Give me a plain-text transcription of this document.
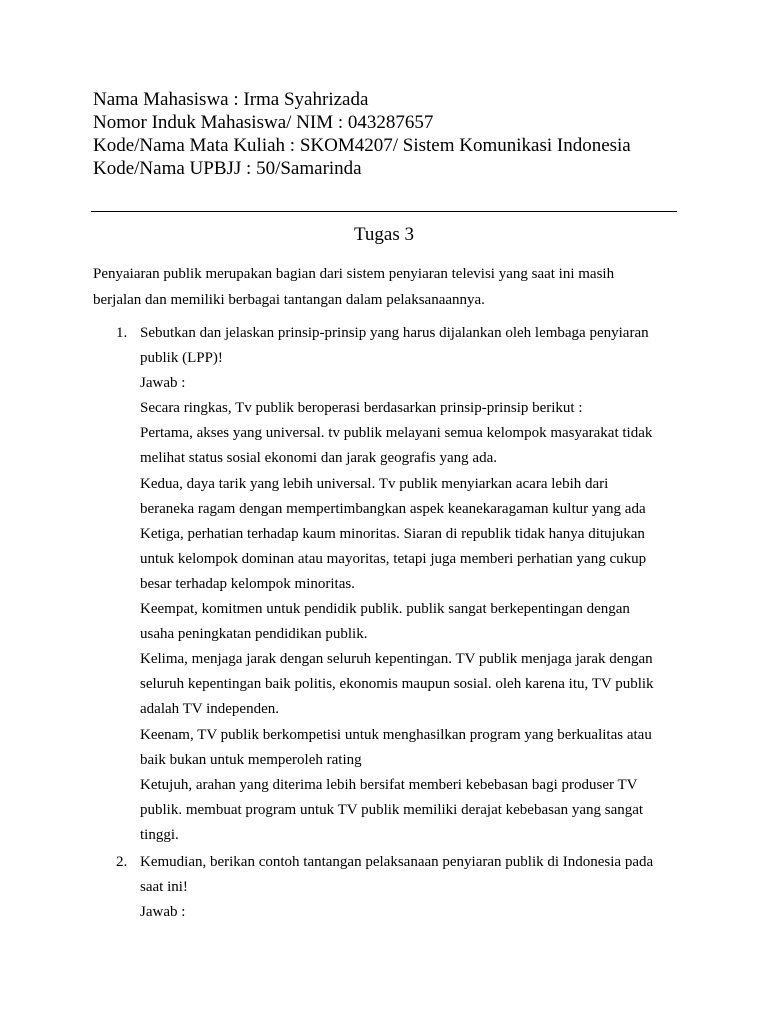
Nama Mahasiswa : Irma Syahrizada
Nomor Induk Mahasiswa/ NIM : 043287657
Kode/Nama Mata Kuliah : SKOM4207/ Sistem Komunikasi Indonesia
Kode/Nama UPBJJ : 50/Samarinda
Tugas 3
Penyaiaran publik merupakan bagian dari sistem penyiaran televisi yang saat ini masih
berjalan dan memiliki berbagai tantangan dalam pelaksanaannya.
1. Sebutkan dan jelaskan prinsip-prinsip yang harus dijalankan oleh lembaga penyiaran
publik (LPP)!
Jawab :
Secara ringkas, Tv publik beroperasi berdasarkan prinsip-prinsip berikut :
Pertama, akses yang universal. tv publik melayani semua kelompok masyarakat tidak
melihat status sosial ekonomi dan jarak geografis yang ada.
Kedua, daya tarik yang lebih universal. Tv publik menyiarkan acara lebih dari
beraneka ragam dengan mempertimbangkan aspek keanekaragaman kultur yang ada
Ketiga, perhatian terhadap kaum minoritas. Siaran di republik tidak hanya ditujukan
untuk kelompok dominan atau mayoritas, tetapi juga memberi perhatian yang cukup
besar terhadap kelompok minoritas.
Keempat, komitmen untuk pendidik publik. publik sangat berkepentingan dengan
usaha peningkatan pendidikan publik.
Kelima, menjaga jarak dengan seluruh kepentingan. TV publik menjaga jarak dengan
seluruh kepentingan baik politis, ekonomis maupun sosial. oleh karena itu, TV publik
adalah TV independen.
Keenam, TV publik berkompetisi untuk menghasilkan program yang berkualitas atau
baik bukan untuk memperoleh rating
Ketujuh, arahan yang diterima lebih bersifat memberi kebebasan bagi produser TV
publik. membuat program untuk TV publik memiliki derajat kebebasan yang sangat
tinggi.
2. Kemudian, berikan contoh tantangan pelaksanaan penyiaran publik di Indonesia pada
saat ini!
Jawab :
